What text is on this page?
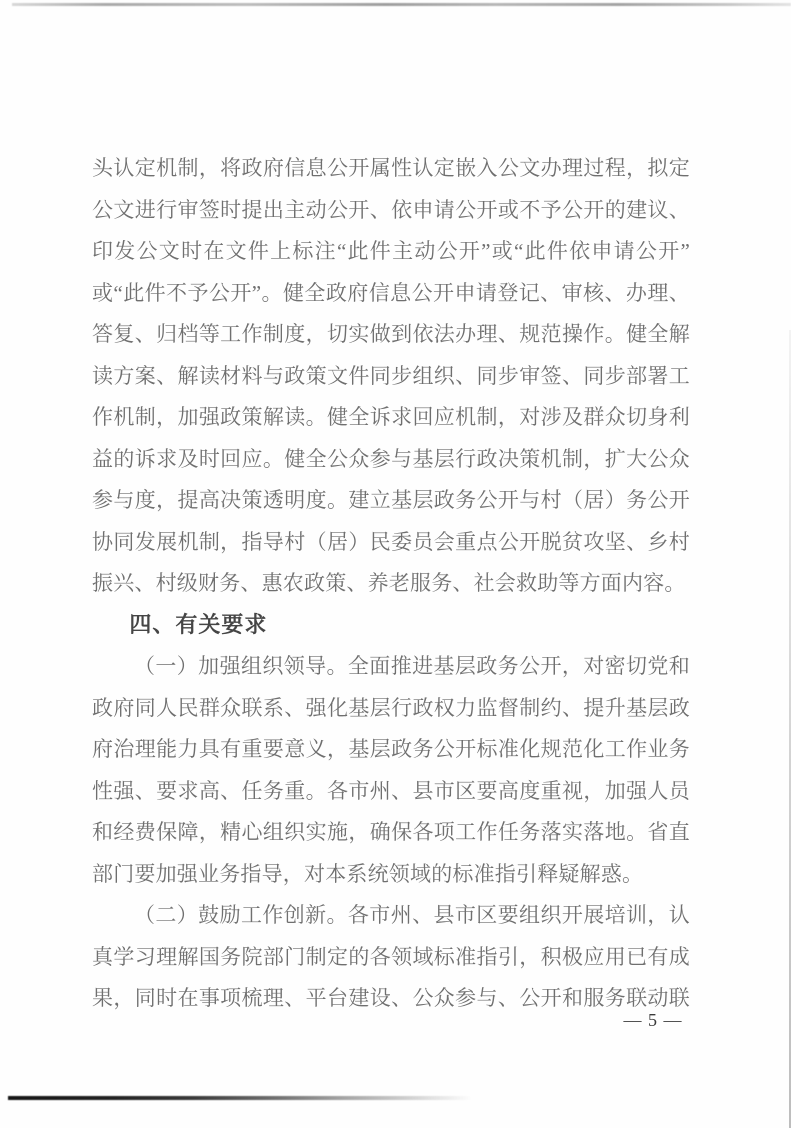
头认定机制，将政府信息公开属性认定嵌入公文办理过程，拟定
公文进行审签时提出主动公开、依申请公开或不予公开的建议、
印发公文时在文件上标注“此件主动公开”或“此件依申请公开”
或“此件不予公开”。健全政府信息公开申请登记、审核、办理、
答复、归档等工作制度，切实做到依法办理、规范操作。健全解
读方案、解读材料与政策文件同步组织、同步审签、同步部署工
作机制，加强政策解读。健全诉求回应机制，对涉及群众切身利
益的诉求及时回应。健全公众参与基层行政决策机制，扩大公众
参与度，提高决策透明度。建立基层政务公开与村（居）务公开
协同发展机制，指导村（居）民委员会重点公开脱贫攻坚、乡村
振兴、村级财务、惠农政策、养老服务、社会救助等方面内容。
四、有关要求
（一）加强组织领导。全面推进基层政务公开，对密切党和
政府同人民群众联系、强化基层行政权力监督制约、提升基层政
府治理能力具有重要意义，基层政务公开标准化规范化工作业务
性强、要求高、任务重。各市州、县市区要高度重视，加强人员
和经费保障，精心组织实施，确保各项工作任务落实落地。省直
部门要加强业务指导，对本系统领域的标准指引释疑解惑。
（二）鼓励工作创新。各市州、县市区要组织开展培训，认
真学习理解国务院部门制定的各领域标准指引，积极应用已有成
果，同时在事项梳理、平台建设、公众参与、公开和服务联动联
— 5 —
